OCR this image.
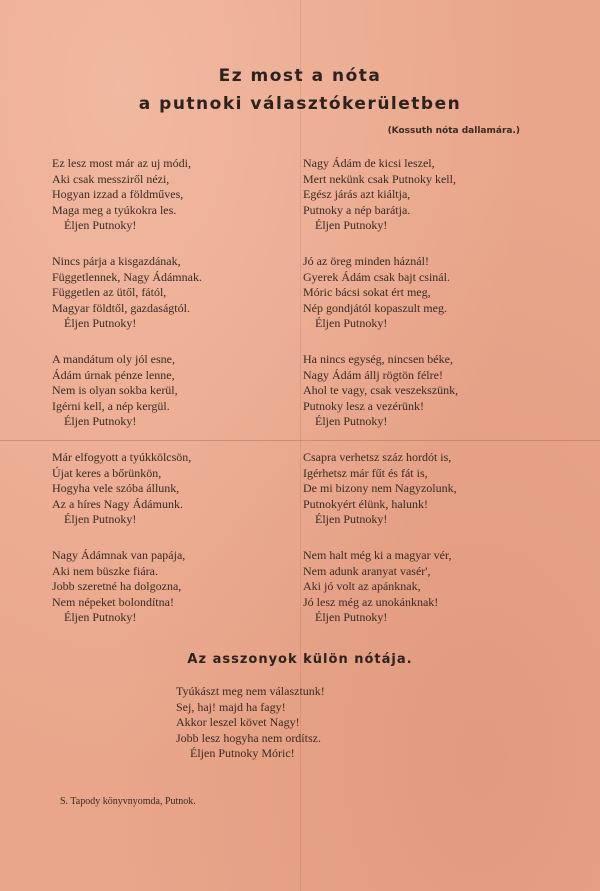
Ez most a nóta
a putnoki választókerületben
(Kossuth nóta dallamára.)
Ez lesz most már az uj módi,
Aki csak messziről nézi,
Hogyan izzad a földműves,
Maga meg a tyúkokra les.
Éljen Putnoky!
Nincs párja a kisgazdának,
Függetlennek, Nagy Ádámnak.
Független az ütől, fától,
Magyar földtől, gazdaságtól.
Éljen Putnoky!
A mandátum oly jól esne,
Ádám úrnak pénze lenne,
Nem is olyan sokba kerül,
Igérni kell, a nép kergül.
Éljen Putnoky!
Már elfogyott a tyúkkölcsön,
Újat keres a bőrünkön,
Hogyha vele szóba állunk,
Az a híres Nagy Ádámunk.
Éljen Putnoky!
Nagy Ádámnak van papája,
Aki nem büszke fiára.
Jobb szeretné ha dolgozna,
Nem népeket bolondítna!
Éljen Putnoky!
Nagy Ádám de kicsi leszel,
Mert nekünk csak Putnoky kell,
Egész járás azt kiáltja,
Putnoky a nép barátja.
Éljen Putnoky!
Jó az öreg minden háznál!
Gyerek Ádám csak bajt csinál.
Móric bácsi sokat ért meg,
Nép gondjától kopaszult meg.
Éljen Putnoky!
Ha nincs egység, nincsen béke,
Nagy Ádám állj rögtön félre!
Ahol te vagy, csak veszekszünk,
Putnoky lesz a vezérünk!
Éljen Putnoky!
Csapra verhetsz száz hordót is,
Igérhetsz már fűt és fát is,
De mi bizony nem Nagyzolunk,
Putnokyért élünk, halunk!
Éljen Putnoky!
Nem halt még ki a magyar vér,
Nem adunk aranyat vasér',
Aki jó volt az apánknak,
Jó lesz még az unokánknak!
Éljen Putnoky!
Az asszonyok külön nótája.
Tyúkászt meg nem választunk!
Sej, haj! majd ha fagy!
Akkor leszel követ Nagy!
Jobb lesz hogyha nem ordítsz.
Éljen Putnoky Móric!
S. Tapody könyvnyomda, Putnok.
